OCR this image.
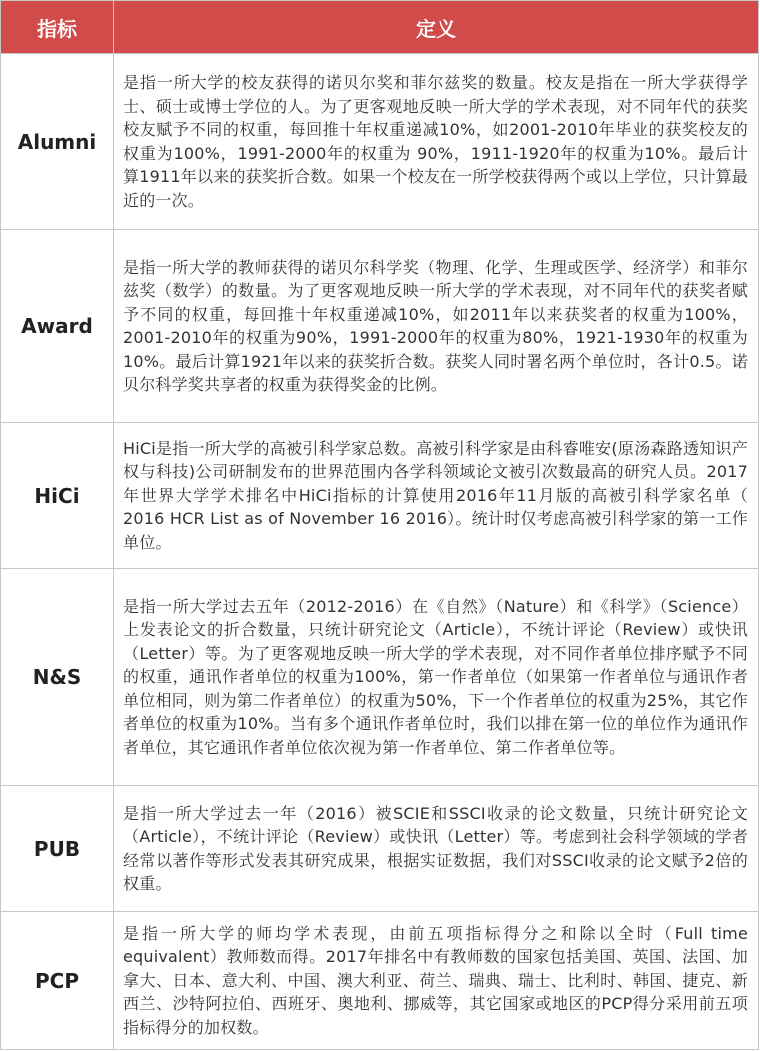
指标	定义
Alumni	是指一所大学的校友获得的诺贝尔奖和菲尔兹奖的数量。校友是指在一所大学获得学士、硕士或博士学位的人。为了更客观地反映一所大学的学术表现，对不同年代的获奖校友赋予不同的权重，每回推十年权重递减10%，如2001-2010年毕业的获奖校友的权重为100%，1991-2000年的权重为 90%，1911-1920年的权重为10%。最后计算1911年以来的获奖折合数。如果一个校友在一所学校获得两个或以上学位，只计算最近的一次。
Award	是指一所大学的教师获得的诺贝尔科学奖（物理、化学、生理或医学、经济学）和菲尔兹奖（数学）的数量。为了更客观地反映一所大学的学术表现，对不同年代的获奖者赋予不同的权重，每回推十年权重递减10%，如2011年以来获奖者的权重为100%，2001-2010年的权重为90%，1991-2000年的权重为80%，1921-1930年的权重为10%。最后计算1921年以来的获奖折合数。获奖人同时署名两个单位时，各计0.5。诺贝尔科学奖共享者的权重为获得奖金的比例。
HiCi	HiCi是指一所大学的高被引科学家总数。高被引科学家是由科睿唯安(原汤森路透知识产权与科技)公司研制发布的世界范围内各学科领域论文被引次数最高的研究人员。2017年世界大学学术排名中HiCi指标的计算使用2016年11月版的高被引科学家名单（ 2016 HCR List as of November 16 2016）。统计时仅考虑高被引科学家的第一工作单位。
N&S	是指一所大学过去五年（2012-2016）在《自然》（Nature）和《科学》（Science）上发表论文的折合数量，只统计研究论文（Article），不统计评论（Review）或快讯（Letter）等。为了更客观地反映一所大学的学术表现，对不同作者单位排序赋予不同的权重，通讯作者单位的权重为100%，第一作者单位（如果第一作者单位与通讯作者单位相同，则为第二作者单位）的权重为50%，下一个作者单位的权重为25%，其它作者单位的权重为10%。当有多个通讯作者单位时，我们以排在第一位的单位作为通讯作者单位，其它通讯作者单位依次视为第一作者单位、第二作者单位等。
PUB	是指一所大学过去一年（2016）被SCIE和SSCI收录的论文数量，只统计研究论文（Article），不统计评论（Review）或快讯（Letter）等。考虑到社会科学领域的学者经常以著作等形式发表其研究成果，根据实证数据，我们对SSCI收录的论文赋予2倍的权重。
PCP	是指一所大学的师均学术表现，由前五项指标得分之和除以全时（Full time equivalent）教师数而得。2017年排名中有教师数的国家包括美国、英国、法国、加拿大、日本、意大利、中国、澳大利亚、荷兰、瑞典、瑞士、比利时、韩国、捷克、新西兰、沙特阿拉伯、西班牙、奥地利、挪威等，其它国家或地区的PCP得分采用前五项指标得分的加权数。
